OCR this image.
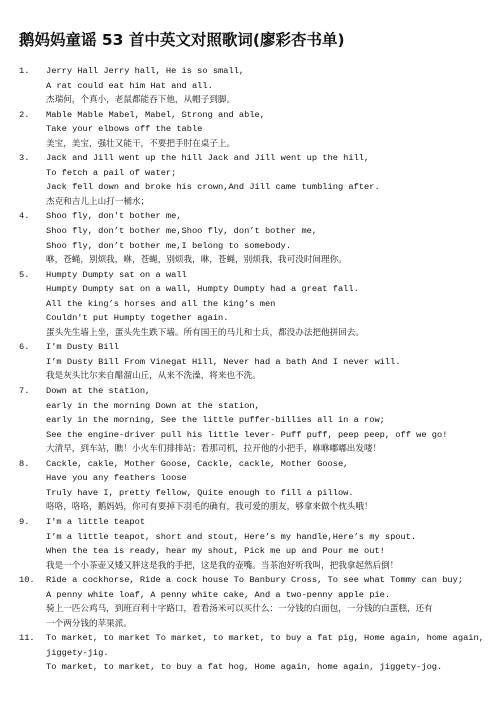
鹅妈妈童谣 53 首中英文对照歌词(廖彩杏书单)
1.	Jerry Hall Jerry hall, He is so small,
A rat could eat him Hat and all.
杰瑞何，个真小，老鼠都能吞下他，从帽子到脚。
2.	Mable Mable Mabel, Mabel, Strong and able,
Take your elbows off the table
美宝，美宝，强壮又能干，不要把手肘在桌子上。
3.	Jack and Jill went up the hill Jack and Jill went up the hill,
To fetch a pail of water;
Jack fell down and broke his crown,And Jill came tumbling after.
杰克和吉儿上山打一桶水；
4.	Shoo fly, don't bother me,
Shoo fly, don’t bother me,Shoo fly, don’t bother me,
Shoo fly, don’t bother me,I belong to somebody.
咻，苍蝇，别烦我，咻，苍蝇，别烦我，咻，苍蝇，别烦我，我可没时间理你。
5.	Humpty Dumpty sat on a wall
Humpty Dumpty sat on a wall, Humpty Dumpty had a great fall.
All the king’s horses and all the king’s men
Couldn't put Humpty together again.
蛋头先生墙上坐，蛋头先生跌下墙。所有国王的马儿和士兵，都没办法把他拼回去。
6.	I'm Dusty Bill
I’m Dusty Bill From Vinegat Hill, Never had a bath And I never will.
我是灰头比尔来自醋溜山丘，从来不洗澡，将来也不洗。
7.	Down at the station,
early in the morning Down at the station,
early in the morning, See the little puffer-billies all in a row;
See the engine-driver pull his little lever- Puff puff, peep peep, off we go!
大清早，到车站，瞧！小火车们排排站；看那司机，拉开他的小把手，咻咻嘟嘟出发喽！
8.	Cackle, cakle, Mother Goose, Cackle, cackle, Mother Goose,
Have you any feathers loose
Truly have I, pretty fellow, Quite enough to fill a pillow.
咯咯，咯咯，鹅妈妈，你可有要掉下羽毛的确有，我可爱的朋友，够拿来做个枕头哦！
9.	I'm a little teapot
I’m a little teapot, short and stout, Here’s my handle,Here’s my spout.
When the tea is ready, hear my shout, Pick me up and Pour me out!
我是一个小茶壶又矮又胖这是我的手把，这是我的壶嘴。当茶泡好听我叫，把我拿起然后倒！
10.	Ride a cockhorse, Ride a cock house To Banbury Cross, To see what Tommy can buy;
A penny white loaf, A penny white cake, And a two-penny apple pie.
骑上一匹公鸡马，到班百利十字路口，看看汤米可以买什么：一分钱的白面包，一分钱的白蛋糕，还有
一个两分钱的苹果派。
11.	To market, to market To market, to market, to buy a fat pig, Home again, home again,
jiggety-jig.
To market, to market, to buy a fat hog, Home again, home again, jiggety-jog.
